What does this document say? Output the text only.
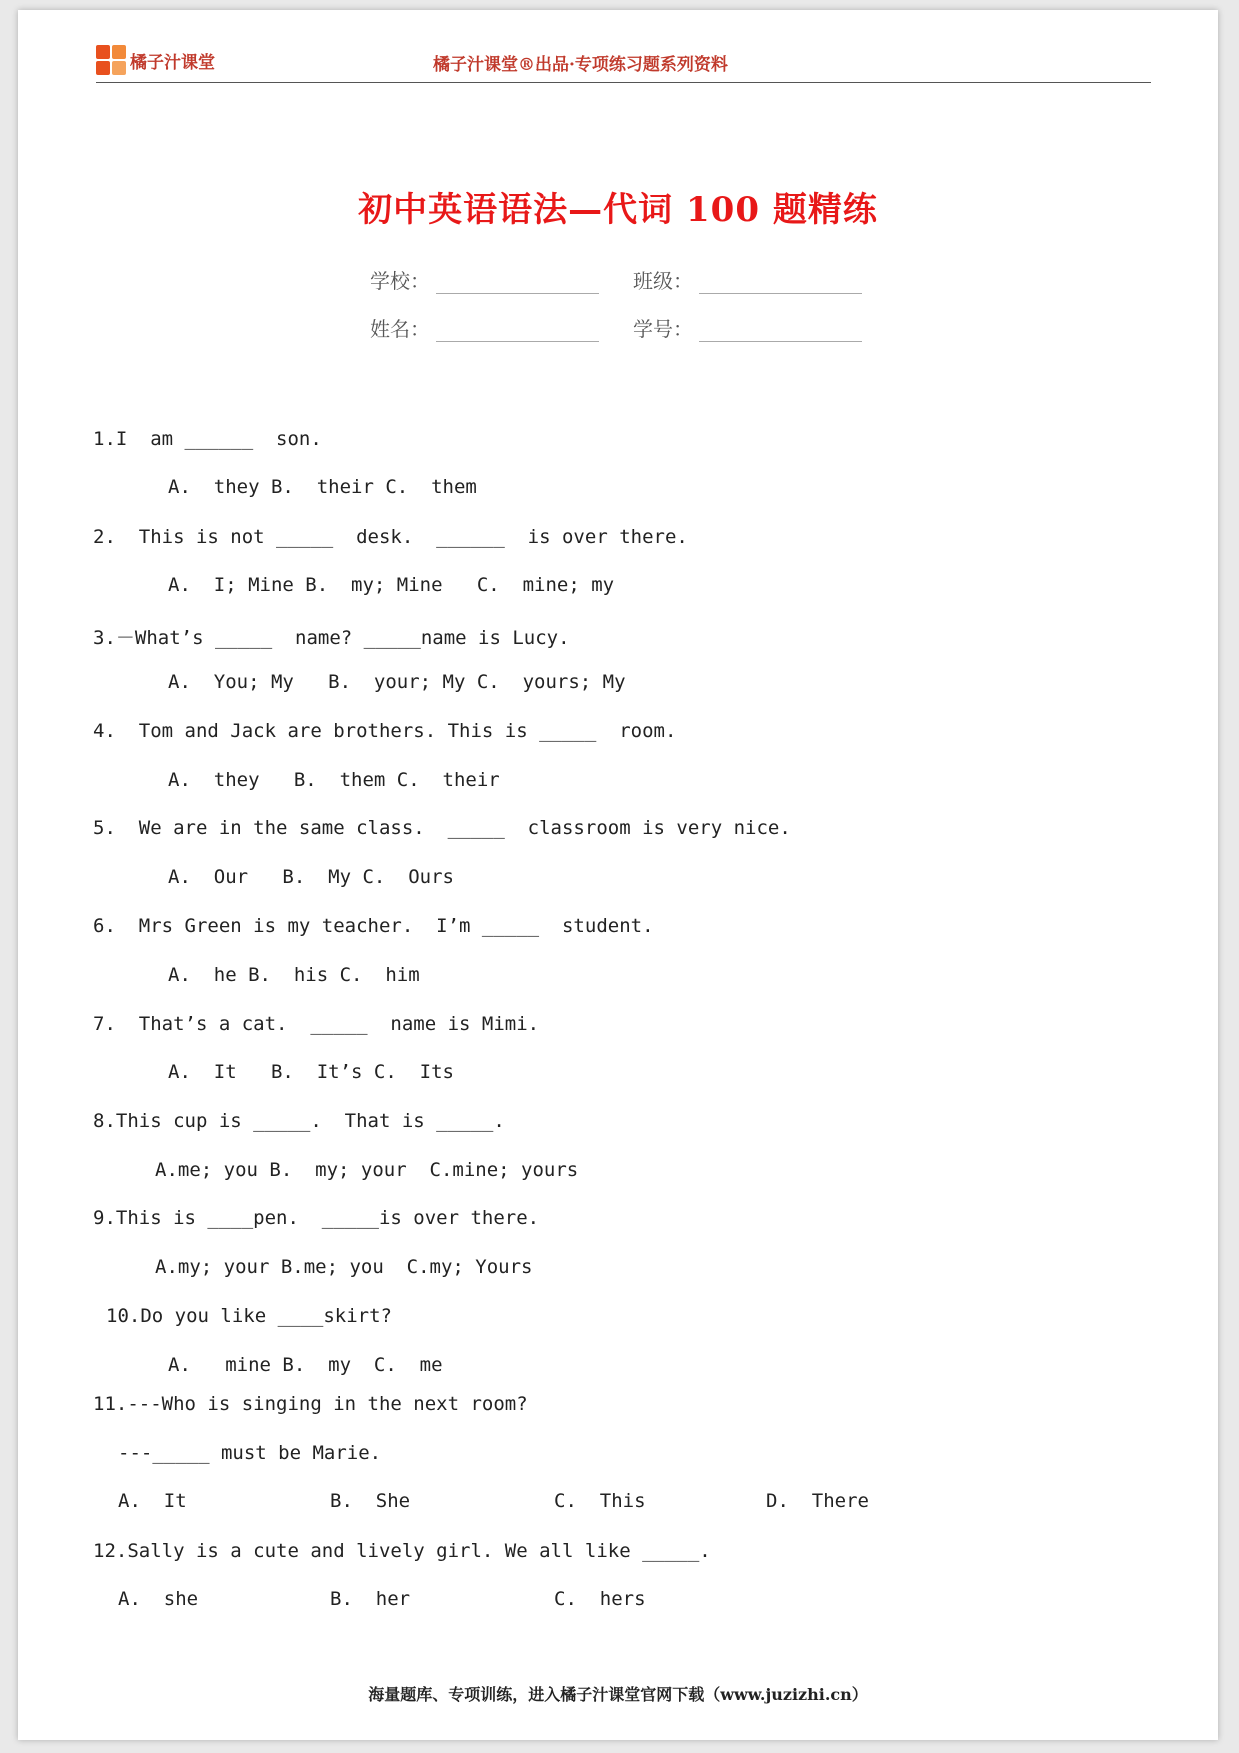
橘子汁课堂	橘子汁课堂®出品·专项练习题系列资料
初中英语语法—代词 100 题精练
学校：	班级：
姓名：	学号：
1.I  am ______  son.
A.  they B.  their C.  them
2.  This is not _____  desk.  ______  is over there.
A.  I; Mine B.  my; Mine   C.  mine; my
3.－What’s _____  name? _____name is Lucy.
A.  You; My   B.  your; My C.  yours; My
4.  Tom and Jack are brothers. This is _____  room.
A.  they   B.  them C.  their
5.  We are in the same class.  _____  classroom is very nice.
A.  Our   B.  My C.  Ours
6.  Mrs Green is my teacher.  I’m _____  student.
A.  he B.  his C.  him
7.  That’s a cat.  _____  name is Mimi.
A.  It   B.  It’s C.  Its
8.This cup is _____.  That is _____.
A.me; you B.  my; your  C.mine; yours
9.This is ____pen.  _____is over there.
A.my; your B.me; you  C.my; Yours
10.Do you like ____skirt?
A.   mine B.  my  C.  me
11.---Who is singing in the next room?
---_____ must be Marie.
A.  It	B.  She	C.  This	D.  There
12.Sally is a cute and lively girl. We all like _____.
A.  she	B.  her	C.  hers
海量题库、专项训练，进入橘子汁课堂官网下载（www.juzizhi.cn）
